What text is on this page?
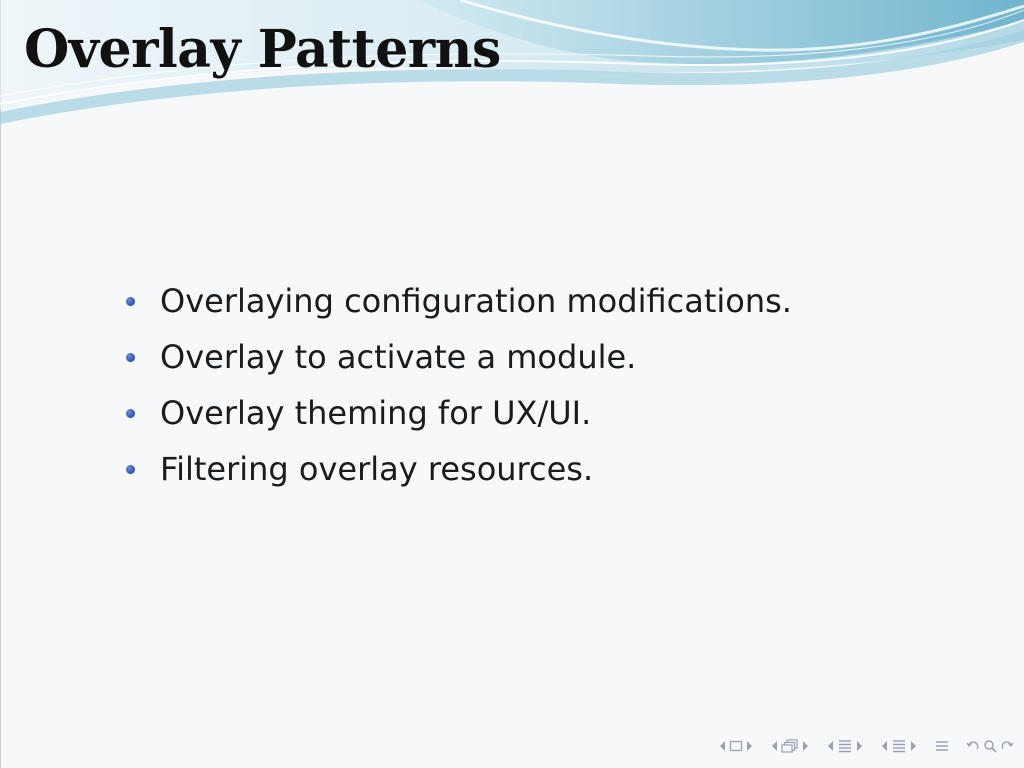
Overlay Patterns
Overlaying configuration modifications.
Overlay to activate a module.
Overlay theming for UX/UI.
Filtering overlay resources.
